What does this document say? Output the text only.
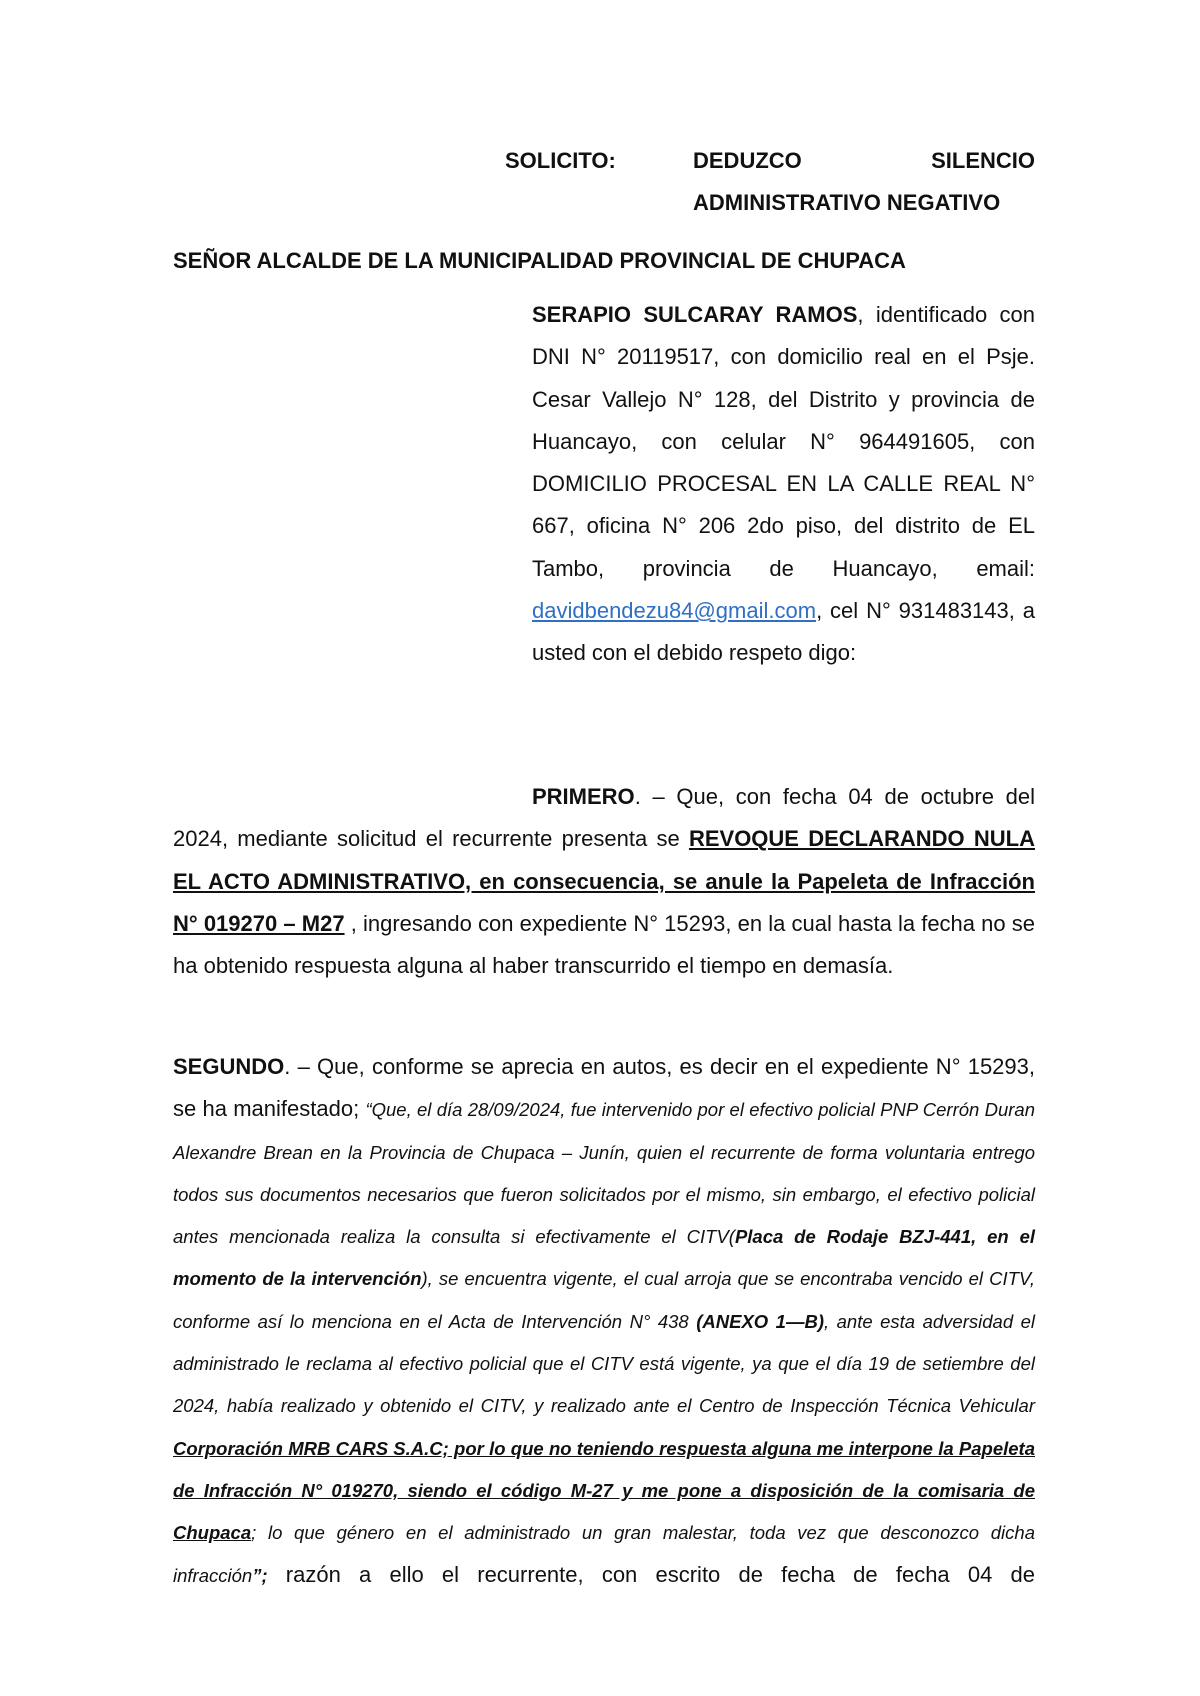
SOLICITO:	DEDUZCO	SILENCIO
ADMINISTRATIVO NEGATIVO
SEÑOR ALCALDE DE LA MUNICIPALIDAD PROVINCIAL DE CHUPACA
SERAPIO SULCARAY RAMOS, identificado con DNI N° 20119517, con domicilio real en el Psje. Cesar Vallejo N° 128, del Distrito y provincia de Huancayo, con celular N° 964491605, con DOMICILIO PROCESAL EN LA CALLE REAL N° 667, oficina N° 206 2do piso, del distrito de EL Tambo, provincia de Huancayo, email: davidbendezu84@gmail.com, cel N° 931483143, a usted con el debido respeto digo:
PRIMERO. – Que, con fecha 04 de octubre del 2024, mediante solicitud el recurrente presenta se REVOQUE DECLARANDO NULA EL ACTO ADMINISTRATIVO, en consecuencia, se anule la Papeleta de Infracción N° 019270 – M27 , ingresando con expediente N° 15293, en la cual hasta la fecha no se ha obtenido respuesta alguna al haber transcurrido el tiempo en demasía.
SEGUNDO. – Que, conforme se aprecia en autos, es decir en el expediente N° 15293, se ha manifestado; “Que, el día 28/09/2024, fue intervenido por el efectivo policial PNP Cerrón Duran Alexandre Brean en la Provincia de Chupaca – Junín, quien el recurrente de forma voluntaria entrego todos sus documentos necesarios que fueron solicitados por el mismo, sin embargo, el efectivo policial antes mencionada realiza la consulta si efectivamente el CITV(Placa de Rodaje BZJ-441, en el momento de la intervención), se encuentra vigente, el cual arroja que se encontraba vencido el CITV, conforme así lo menciona en el Acta de Intervención N° 438 (ANEXO 1—B), ante esta adversidad el administrado le reclama al efectivo policial que el CITV está vigente, ya que el día 19 de setiembre del 2024, había realizado y obtenido el CITV, y realizado ante el Centro de Inspección Técnica Vehicular Corporación MRB CARS S.A.C; por lo que no teniendo respuesta alguna me interpone la Papeleta de Infracción N° 019270, siendo el código M-27 y me pone a disposición de la comisaria de Chupaca; lo que género en el administrado un gran malestar, toda vez que desconozco dicha infracción”; razón a ello el recurrente, con escrito de fecha de fecha 04 de
